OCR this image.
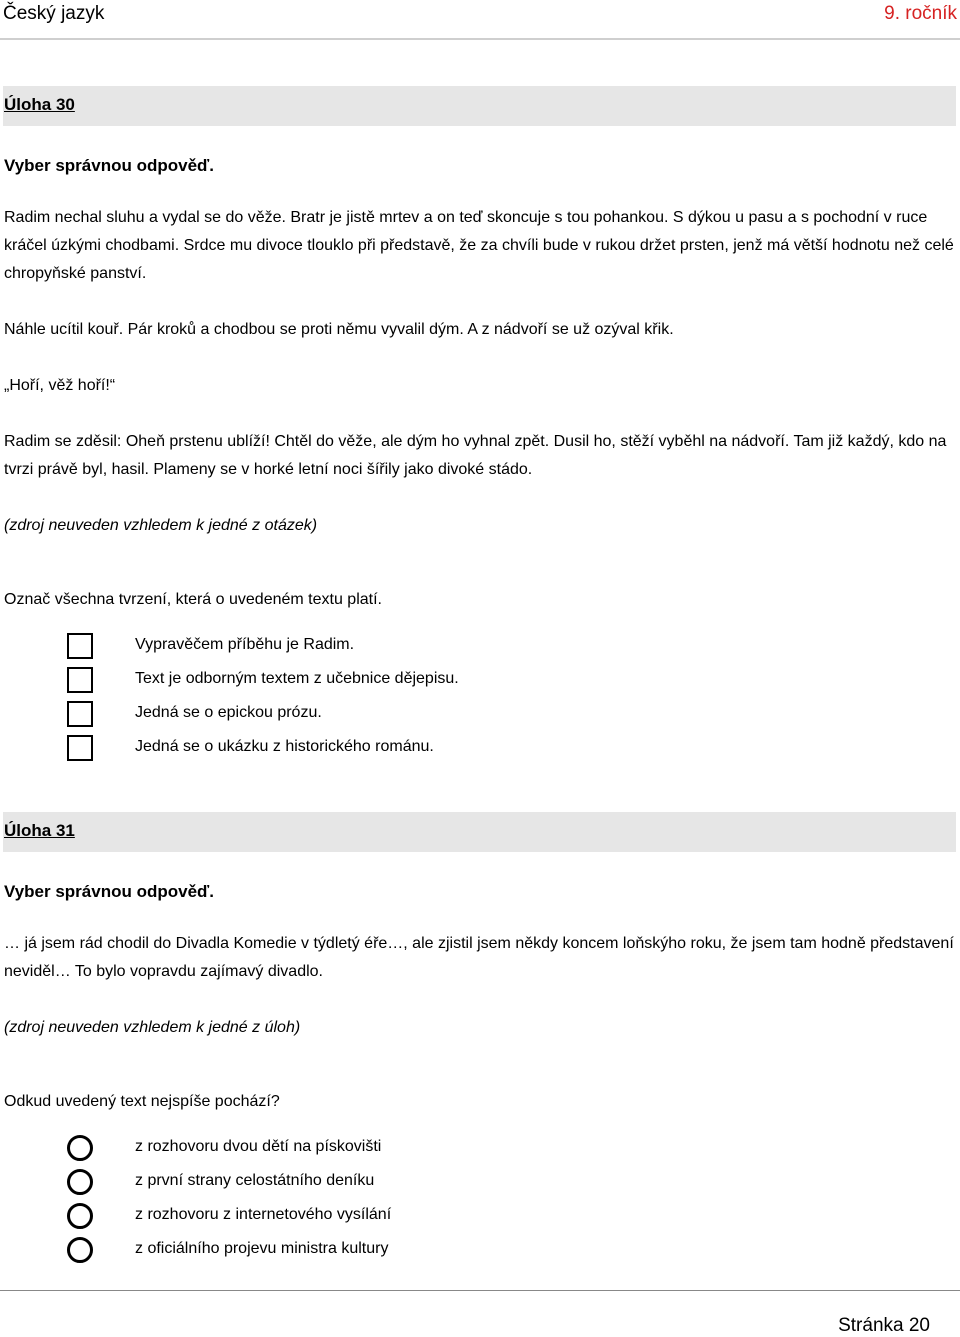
Český jazyk	9. ročník
Úloha 30
Vyber správnou odpověď.

Radim nechal sluhu a vydal se do věže. Bratr je jistě mrtev a on teď skoncuje s tou pohankou. S dýkou u pasu a s pochodní v ruce kráčel úzkými chodbami. Srdce mu divoce tlouklo při představě, že za chvíli bude v rukou držet prsten, jenž má větší hodnotu než celé chropyňské panství.

Náhle ucítil kouř. Pár kroků a chodbou se proti němu vyvalil dým. A z nádvoří se už ozýval křik.

„Hoří, věž hoří!“

Radim se zděsil: Oheň prstenu ublíží! Chtěl do věže, ale dým ho vyhnal zpět. Dusil ho, stěží vyběhl na nádvoří. Tam již každý, kdo na tvrzi právě byl, hasil. Plameny se v horké letní noci šířily jako divoké stádo.

(zdroj neuveden vzhledem k jedné z otázek)

Označ všechna tvrzení, která o uvedeném textu platí.

Vypravěčem příběhu je Radim.
Text je odborným textem z učebnice dějepisu.
Jedná se o epickou prózu.
Jedná se o ukázku z historického románu.
Úloha 31
Vyber správnou odpověď.

… já jsem rád chodil do Divadla Komedie v týdletý éře…, ale zjistil jsem někdy koncem loňskýho roku, že jsem tam hodně představení neviděl… To bylo vopravdu zajímavý divadlo.

(zdroj neuveden vzhledem k jedné z úloh)

Odkud uvedený text nejspíše pochází?

z rozhovoru dvou dětí na pískovišti
z první strany celostátního deníku
z rozhovoru z internetového vysílání
z oficiálního projevu ministra kultury
Stránka 20
